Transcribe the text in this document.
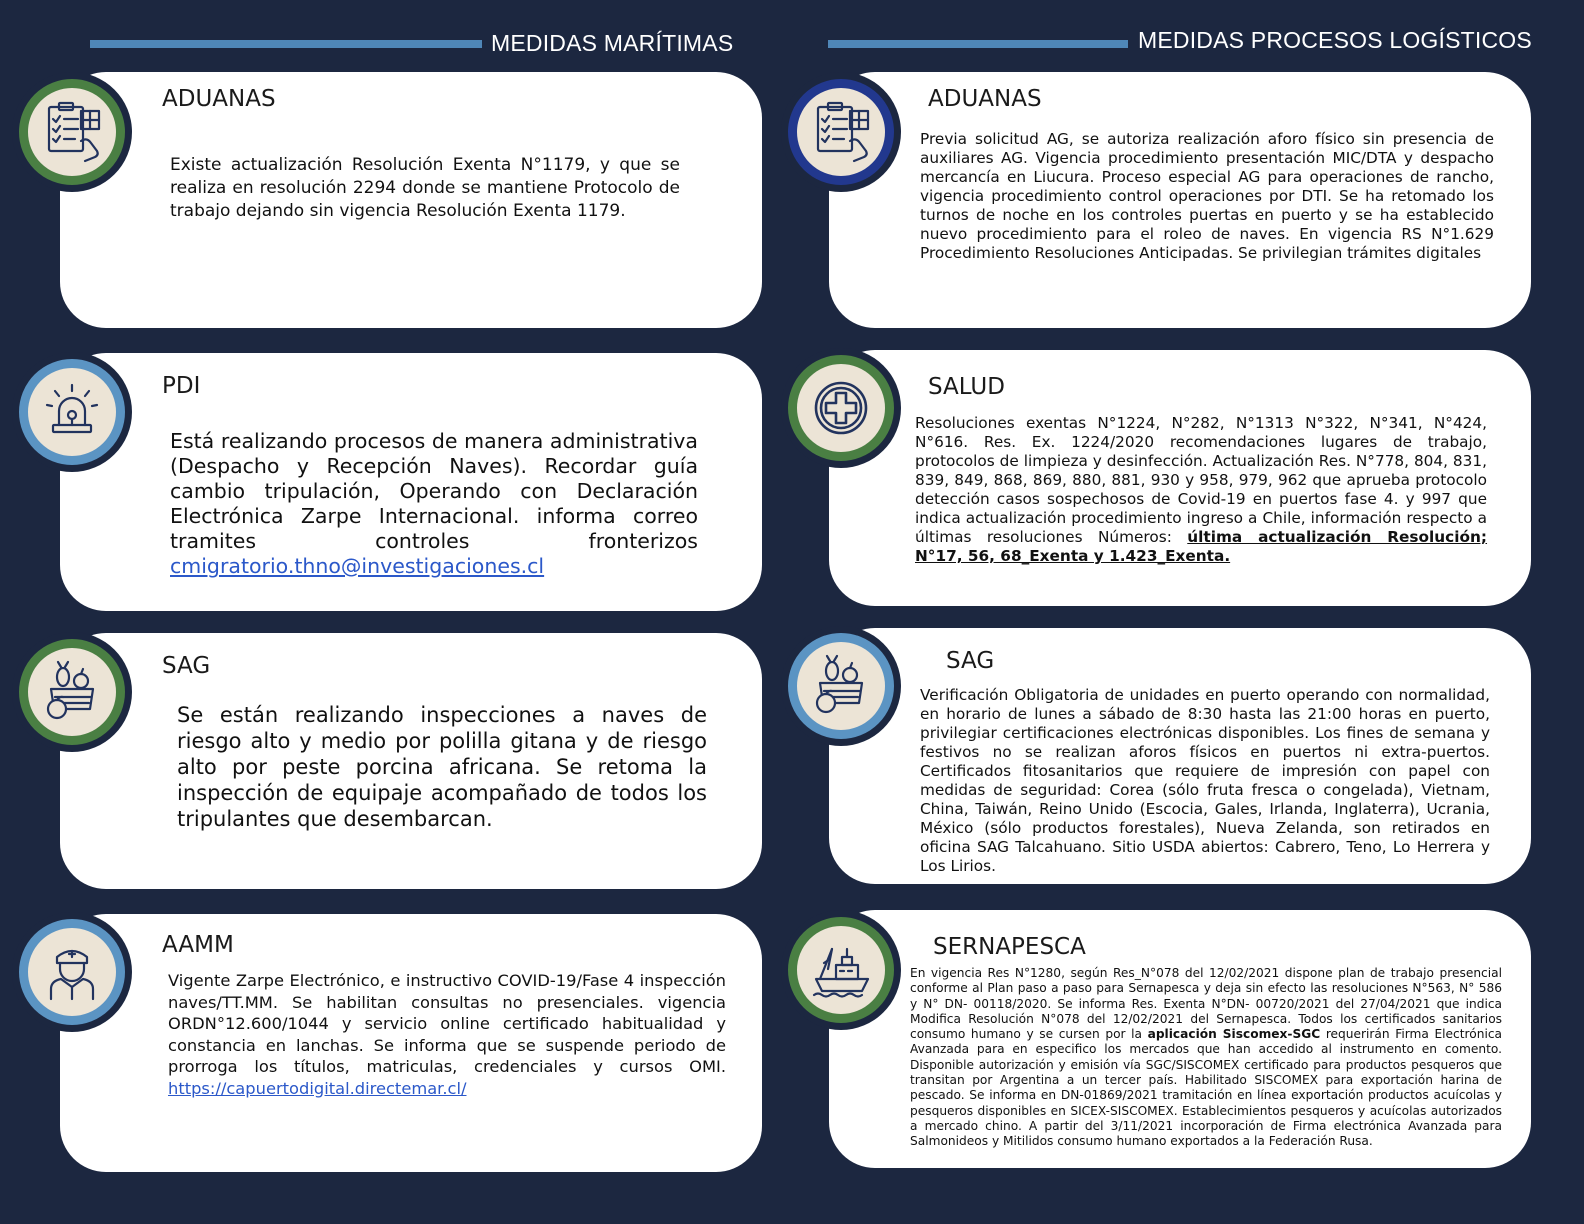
MEDIDAS MARÍTIMAS	MEDIDAS PROCESOS LOGÍSTICOS
ADUANAS

Existe actualización Resolución Exenta N°1179, y que se realiza en resolución 2294 donde se mantiene Protocolo de trabajo dejando sin vigencia Resolución Exenta 1179.

PDI

Está realizando procesos de manera administrativa (Despacho y Recepción Naves). Recordar guía cambio tripulación, Operando con Declaración Electrónica Zarpe Internacional. informa correo tramites controles fronterizos cmigratorio.thno@investigaciones.cl

SAG

Se están realizando inspecciones a naves de riesgo alto y medio por polilla gitana y de riesgo alto por peste porcina africana. Se retoma la inspección de equipaje acompañado de todos los tripulantes que desembarcan.

AAMM

Vigente Zarpe Electrónico, e instructivo COVID-19/Fase 4 inspección naves/TT.MM. Se habilitan consultas no presenciales. vigencia ORDN°12.600/1044 y servicio online certificado habitualidad y constancia en lanchas. Se informa que se suspende periodo de prorroga los títulos, matriculas, credenciales y cursos OMI. https://capuertodigital.directemar.cl/

ADUANAS

Previa solicitud AG, se autoriza realización aforo físico sin presencia de auxiliares AG. Vigencia procedimiento presentación MIC/DTA y despacho mercancía en Liucura. Proceso especial AG para operaciones de rancho, vigencia procedimiento control operaciones por DTI. Se ha retomado los turnos de noche en los controles puertas en puerto y se ha establecido nuevo procedimiento para el roleo de naves. En vigencia RS N°1.629 Procedimiento Resoluciones Anticipadas. Se privilegian trámites digitales

SALUD

Resoluciones exentas N°1224, N°282, N°1313 N°322, N°341, N°424, N°616. Res. Ex. 1224/2020 recomendaciones lugares de trabajo, protocolos de limpieza y desinfección. Actualización Res. N°778, 804, 831, 839, 849, 868, 869, 880, 881, 930 y 958, 979, 962 que aprueba protocolo detección casos sospechosos de Covid-19 en puertos fase 4. y 997 que indica actualización procedimiento ingreso a Chile, información respecto a últimas resoluciones Números: última actualización Resolución; N°17, 56, 68_Exenta y 1.423_Exenta.

SAG

Verificación Obligatoria de unidades en puerto operando con normalidad, en horario de lunes a sábado de 8:30 hasta las 21:00 horas en puerto, privilegiar certificaciones electrónicas disponibles. Los fines de semana y festivos no se realizan aforos físicos en puertos ni extra-puertos. Certificados fitosanitarios que requiere de impresión con papel con medidas de seguridad: Corea (sólo fruta fresca o congelada), Vietnam, China, Taiwán, Reino Unido (Escocia, Gales, Irlanda, Inglaterra), Ucrania, México (sólo productos forestales), Nueva Zelanda, son retirados en oficina SAG Talcahuano. Sitio USDA abiertos: Cabrero, Teno, Lo Herrera y Los Lirios.

SERNAPESCA

En vigencia Res N°1280, según Res_N°078 del 12/02/2021 dispone plan de trabajo presencial conforme al Plan paso a paso para Sernapesca y deja sin efecto las resoluciones N°563, N° 586 y N° DN- 00118/2020. Se informa Res. Exenta N°DN- 00720/2021 del 27/04/2021 que indica Modifica Resolución N°078 del 12/02/2021 del Sernapesca. Todos los certificados sanitarios consumo humano y se cursen por la aplicación Siscomex-SGC requerirán Firma Electrónica Avanzada para en especifico los mercados que han accedido al instrumento en comento. Disponible autorización y emisión vía SGC/SISCOMEX certificado para productos pesqueros que transitan por Argentina a un tercer país. Habilitado SISCOMEX para exportación harina de pescado. Se informa en DN-01869/2021 tramitación en línea exportación productos acuícolas y pesqueros disponibles en SICEX-SISCOMEX. Establecimientos pesqueros y acuícolas autorizados a mercado chino. A partir del 3/11/2021 incorporación de Firma electrónica Avanzada para Salmonideos y Mitilidos consumo humano exportados a la Federación Rusa.
